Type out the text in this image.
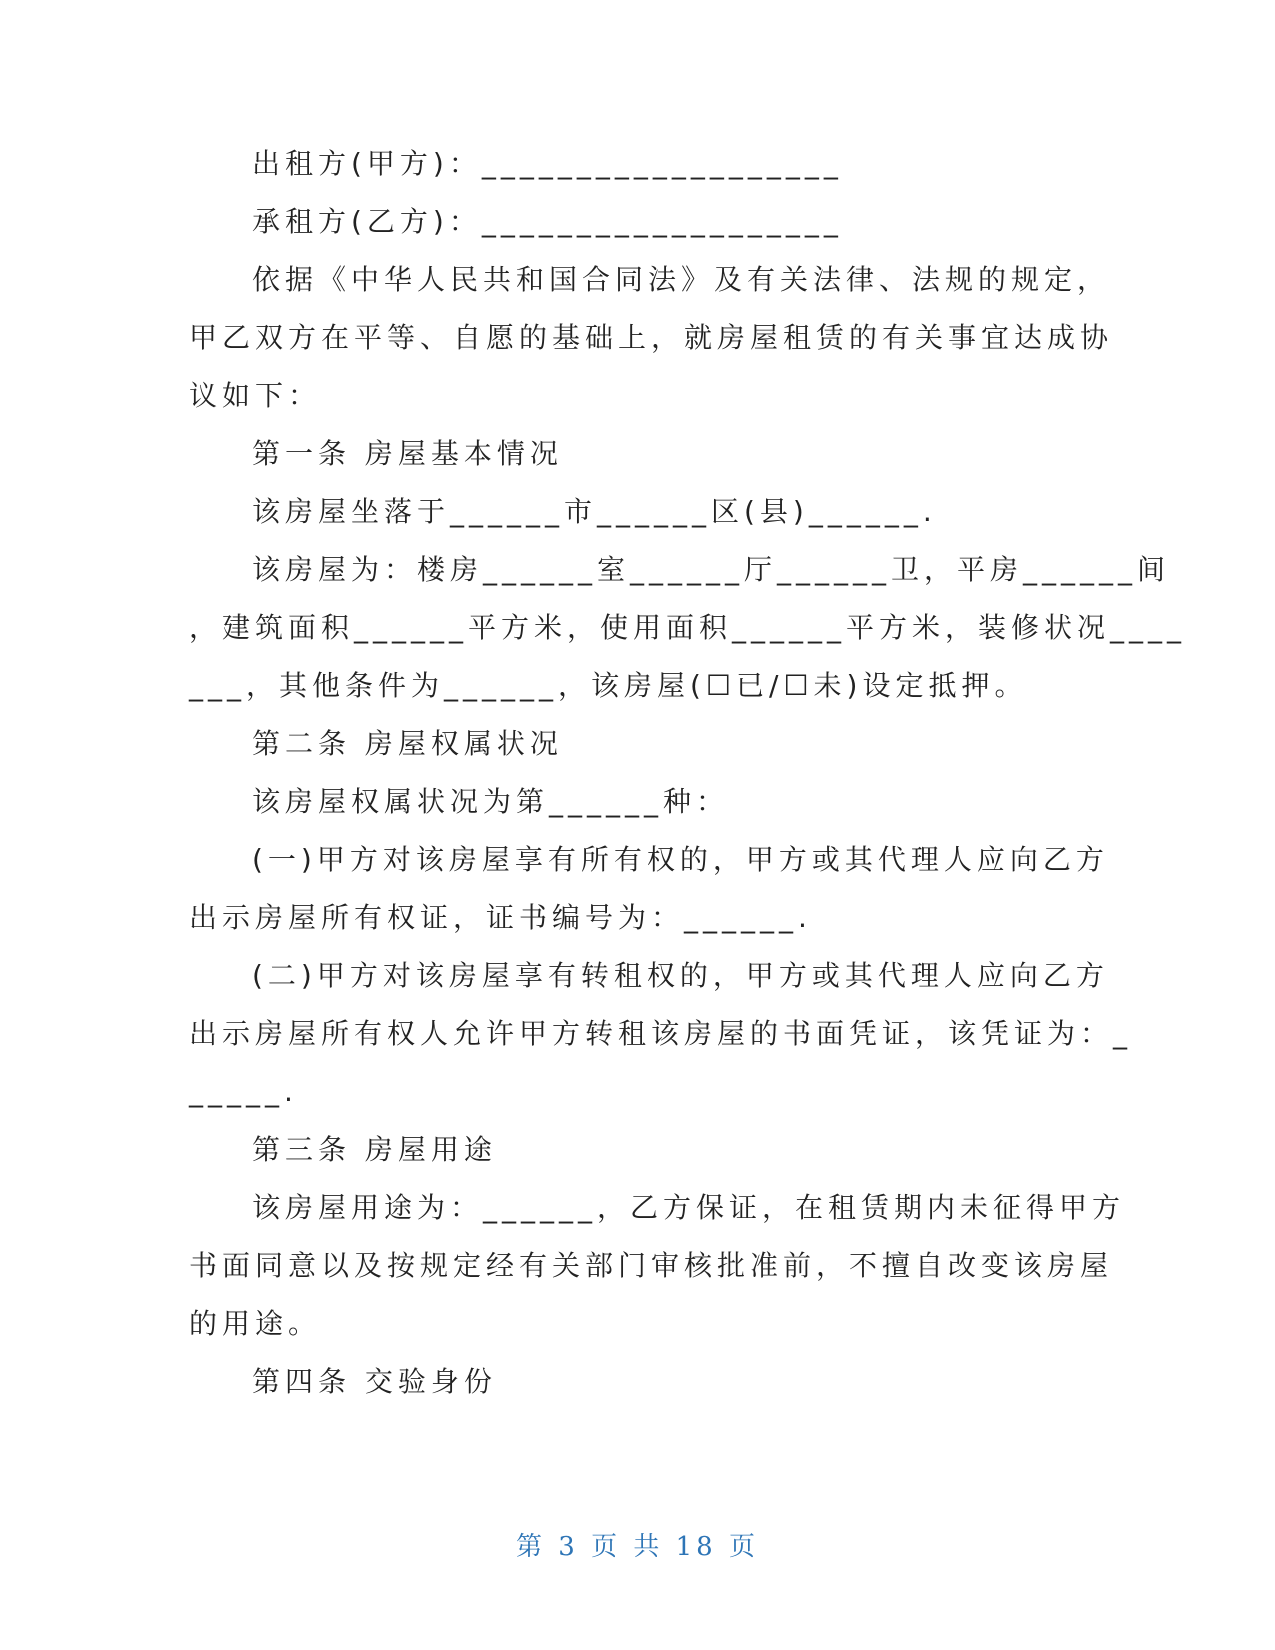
出租方(甲方)：___________________
承租方(乙方)：___________________
依据《中华人民共和国合同法》及有关法律、法规的规定，
甲乙双方在平等、自愿的基础上，就房屋租赁的有关事宜达成协
议如下：
第一条 房屋基本情况
该房屋坐落于______市______区(县)______.
该房屋为：楼房______室______厅______卫，平房______间
，建筑面积______平方米，使用面积______平方米，装修状况____
___，其他条件为______，该房屋(☐已/☐未)设定抵押。
第二条 房屋权属状况
该房屋权属状况为第______种：
(一)甲方对该房屋享有所有权的，甲方或其代理人应向乙方
出示房屋所有权证，证书编号为：______.
(二)甲方对该房屋享有转租权的，甲方或其代理人应向乙方
出示房屋所有权人允许甲方转租该房屋的书面凭证，该凭证为：_
_____.
第三条 房屋用途
该房屋用途为：______，乙方保证，在租赁期内未征得甲方
书面同意以及按规定经有关部门审核批准前，不擅自改变该房屋
的用途。
第四条 交验身份
第 3 页 共 18 页
